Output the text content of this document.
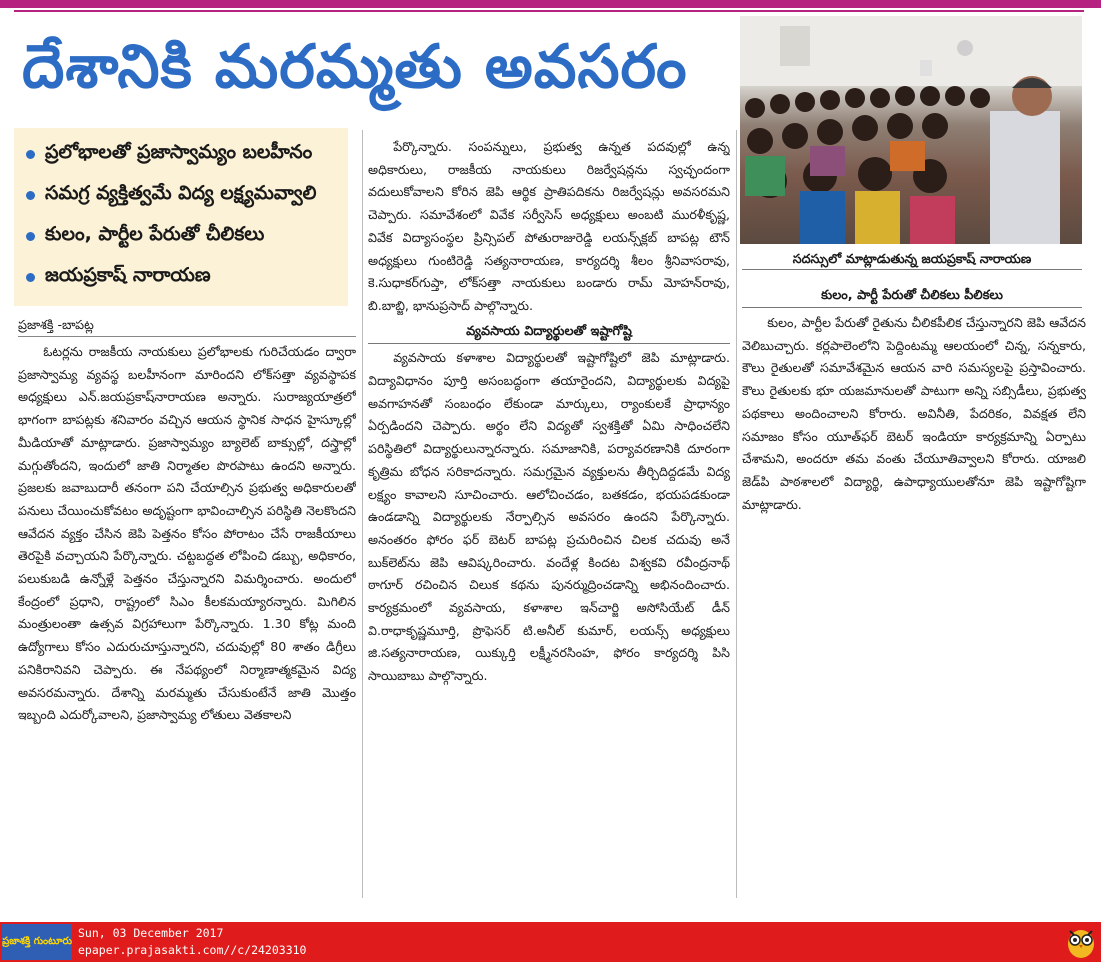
దేశానికి మరమ్మతు అవసరం
ప్రలోభాలతో ప్రజాస్వామ్యం బలహీనం
సమగ్ర వ్యక్తిత్వమే విద్య లక్ష్యమవ్వాలి
కులం, పార్టీల పేరుతో చీలికలు
జయప్రకాష్ నారాయణ
ప్రజాశక్తి -బాపట్ల

ఓటర్లను రాజకీయ నాయకులు ప్రలోభాలకు గురిచేయడం ద్వారా ప్రజాస్వామ్య వ్యవస్థ బలహీనంగా మారిందని లోక్‌సత్తా వ్యవస్థాపక అధ్యక్షులు ఎన్.జయప్రకాష్‌నారాయణ అన్నారు. సురాజ్యయాత్రలో భాగంగా బాపట్లకు శనివారం వచ్చిన ఆయన స్థానిక సాధన హైస్కూల్లో మీడియాతో మాట్లాడారు. ప్రజాస్వామ్యం బ్యాలెట్ బాక్సుల్లో, దస్త్రాల్లో మగ్గుతోందని, ఇందులో జాతి నిర్మాతల పొరపాటు ఉందని అన్నారు. ప్రజలకు జవాబుదారీ తనంగా పని చేయాల్సిన ప్రభుత్వ అధికారులతో పనులు చేయించుకోవటం అదృష్టంగా భావించాల్సిన పరిస్థితి నెలకొందని ఆవేదన వ్యక్తం చేసిన జెపి పెత్తనం కోసం పోరాటం చేసే రాజకీయాలు తెరపైకి వచ్చాయని పేర్కొన్నారు. చట్టబద్ధత లోపించి డబ్బు, అధికారం, పలుకుబడి ఉన్నోళ్లే పెత్తనం చేస్తున్నారని విమర్శించారు. అందులో కేంద్రంలో ప్రధాని, రాష్ట్రంలో సిఎం కీలకమయ్యారన్నారు. మిగిలిన మంత్రులంతా ఉత్సవ విగ్రహాలుగా పేర్కొన్నారు. 1.30 కోట్ల మంది ఉద్యోగాలు కోసం ఎదురుచూస్తున్నారని, చదువుల్లో 80 శాతం డిగ్రీలు పనికిరానివని చెప్పారు. ఈ నేపథ్యంలో నిర్మాణాత్మకమైన విద్య అవసరమన్నారు. దేశాన్ని మరమ్మతు చేసుకుంటేనే జాతి మొత్తం ఇబ్బంది ఎదుర్కోవాలని, ప్రజాస్వామ్య లోతులు వెతకాలని

పేర్కొన్నారు. సంపన్నులు, ప్రభుత్వ ఉన్నత పదవుల్లో ఉన్న అధికారులు, రాజకీయ నాయకులు రిజర్వేషన్లను స్వచ్ఛందంగా వదులుకోవాలని కోరిన జెపి ఆర్థిక ప్రాతిపదికను రిజర్వేషన్లు అవసరమని చెప్పారు. సమావేశంలో వివేక సర్వీసెస్ అధ్యక్షులు అంబటి మురళీకృష్ణ, వివేక విద్యాసంస్థల ప్రిన్సిపల్ పోతురాజురెడ్డి లయన్స్‌క్లబ్ బాపట్ల టౌన్ అధ్యక్షులు గుంటిరెడ్డి సత్యనారాయణ, కార్యదర్శి శీలం శ్రీనివాసరావు, కె.సుధాకర్‌గుప్తా, లోక్‌సత్తా నాయకులు బండారు రామ్ మోహన్‌రావు, బి.బాబ్జి, భానుప్రసాద్ పాల్గొన్నారు.

వ్యవసాయ విద్యార్థులతో ఇష్టాగోష్టి

వ్యవసాయ కళాశాల విద్యార్థులతో ఇష్టాగోష్టిలో జెపి మాట్లాడారు. విద్యావిధానం పూర్తి అసంబద్ధంగా తయారైందని, విద్యార్థులకు విద్యపై అవగాహనతో సంబంధం లేకుండా మార్కులు, ర్యాంకులకే ప్రాధాన్యం ఏర్పడిందని చెప్పారు. అర్థం లేని విద్యతో స్వశక్తితో ఏమి సాధించలేని పరిస్థితిలో విద్యార్థులున్నారన్నారు. సమాజానికి, పర్యావరణానికి దూరంగా కృత్రిమ బోధన సరికాదన్నారు. సమగ్రమైన వ్యక్తులను తీర్చిదిద్దడమే విద్య లక్ష్యం కావాలని సూచించారు. ఆలోచించడం, బతకడం, భయపడకుండా ఉండడాన్ని విద్యార్థులకు నేర్పాల్సిన అవసరం ఉందని పేర్కొన్నారు. అనంతరం ఫోరం ఫర్ బెటర్ బాపట్ల ప్రచురించిన చిలక చదువు అనే బుక్‌లెట్‌ను జెపి ఆవిష్కరించారు. వందేళ్ల కిందట విశ్వకవి రవీంద్రనాథ్ ఠాగూర్ రచించిన చిలుక కథను పునర్ముద్రించడాన్ని అభినందించారు. కార్యక్రమంలో వ్యవసాయ, కళాశాల ఇన్‌చార్జి అసోసియేట్ డీన్ వి.రాధాకృష్ణమూర్తి, ప్రొఫెసర్ టి.అనీల్ కుమార్, లయన్స్ అధ్యక్షులు జి.సత్యనారాయణ, యిక్కుర్తి లక్ష్మీనరసింహ, ఫోరం కార్యదర్శి పిసి సాయిబాబు పాల్గొన్నారు.

సదస్సులో మాట్లాడుతున్న జయప్రకాష్ నారాయణ
కులం, పార్టీ పేరుతో చీలికలు పీలికలు

కులం, పార్టీల పేరుతో రైతును చీలికపీలిక చేస్తున్నారని జెపి ఆవేదన వెలిబుచ్చారు. కర్లపాలెంలోని పెద్దింటమ్మ ఆలయంలో చిన్న, సన్నకారు, కౌలు రైతులతో సమావేశమైన ఆయన వారి సమస్యలపై ప్రస్తావించారు. కౌలు రైతులకు భూ యజమానులతో పాటుగా అన్ని సబ్సిడీలు, ప్రభుత్వ పథకాలు అందించాలని కోరారు. అవినీతి, పేదరికం, వివక్షత లేని సమాజం కోసం యూత్‌ఫర్ బెటర్ ఇండియా కార్యక్రమాన్ని ఏర్పాటు చేశామని, అందరూ తమ వంతు చేయూతివ్వాలని కోరారు. యాజలి జెడ్‌పి పాఠశాలలో విద్యార్థి, ఉపాధ్యాయులతోనూ జెపి ఇష్టాగోష్టిగా మాట్లాడారు.

ప్రజాశక్తి గుంటూరు
Sun, 03 December 2017
epaper.prajasakti.com//c/24203310
